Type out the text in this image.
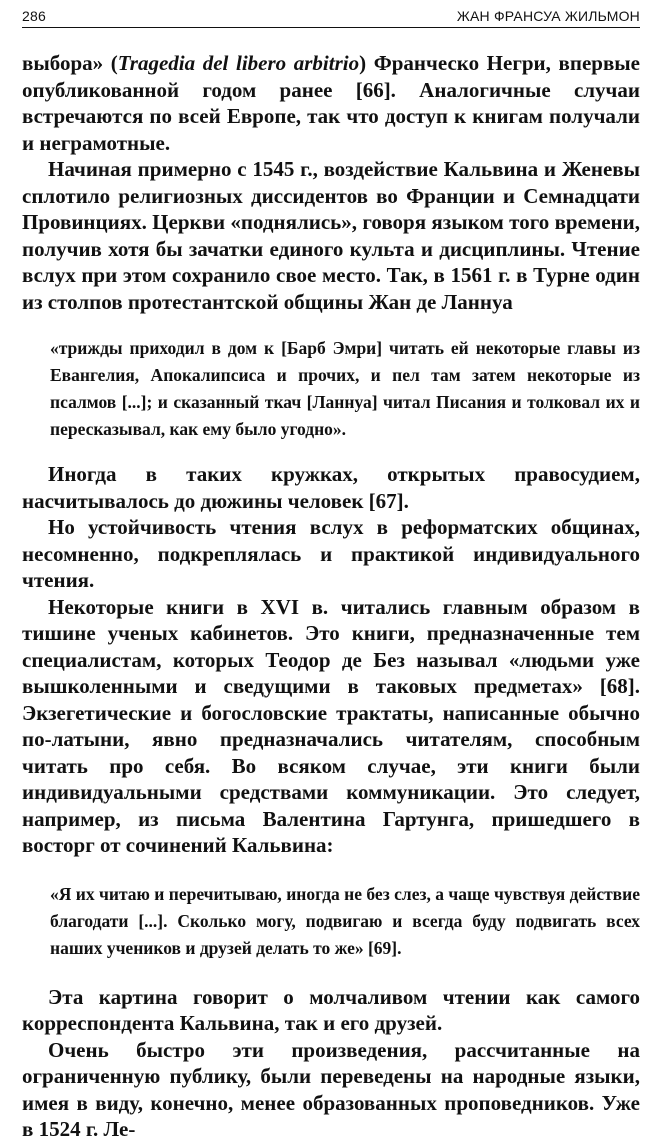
286	ЖАН ФРАНСУА ЖИЛЬМОН

выбора» (Tragedia del libero arbitrio) Франческо Негри, впервые опубликованной годом ранее [66]. Аналогичные случаи встречаются по всей Европе, так что доступ к книгам получали и неграмотные.

Начиная примерно с 1545 г., воздействие Кальвина и Женевы сплотило религиозных диссидентов во Франции и Семнадцати Провинциях. Церкви «поднялись», говоря языком того времени, получив хотя бы зачатки единого культа и дисциплины. Чтение вслух при этом сохранило свое место. Так, в 1561 г. в Турне один из столпов протестантской общины Жан де Ланнуа

«трижды приходил в дом к [Барб Эмри] читать ей некоторые главы из Евангелия, Апокалипсиса и прочих, и пел там затем некоторые из псалмов [...]; и сказанный ткач [Ланнуа] читал Писания и толковал их и пересказывал, как ему было угодно».

Иногда в таких кружках, открытых правосудием, насчитывалось до дюжины человек [67].

Но устойчивость чтения вслух в реформатских общинах, несомненно, подкреплялась и практикой индивидуального чтения.

Некоторые книги в XVI в. читались главным образом в тишине ученых кабинетов. Это книги, предназначенные тем специалистам, которых Теодор де Без называл «людьми уже вышколенными и сведущими в таковых предметах» [68]. Экзегетические и богословские трактаты, написанные обычно по-латыни, явно предназначались читателям, способным читать про себя. Во всяком случае, эти книги были индивидуальными средствами коммуникации. Это следует, например, из письма Валентина Гартунга, пришедшего в восторг от сочинений Кальвина:

«Я их читаю и перечитываю, иногда не без слез, а чаще чувствуя действие благодати [...]. Сколько могу, подвигаю и всегда буду подвигать всех наших учеников и друзей делать то же» [69].

Эта картина говорит о молчаливом чтении как самого корреспондента Кальвина, так и его друзей.

Очень быстро эти произведения, рассчитанные на ограниченную публику, были переведены на народные языки, имея в виду, конечно, менее образованных проповедников. Уже в 1524 г. Ле-
